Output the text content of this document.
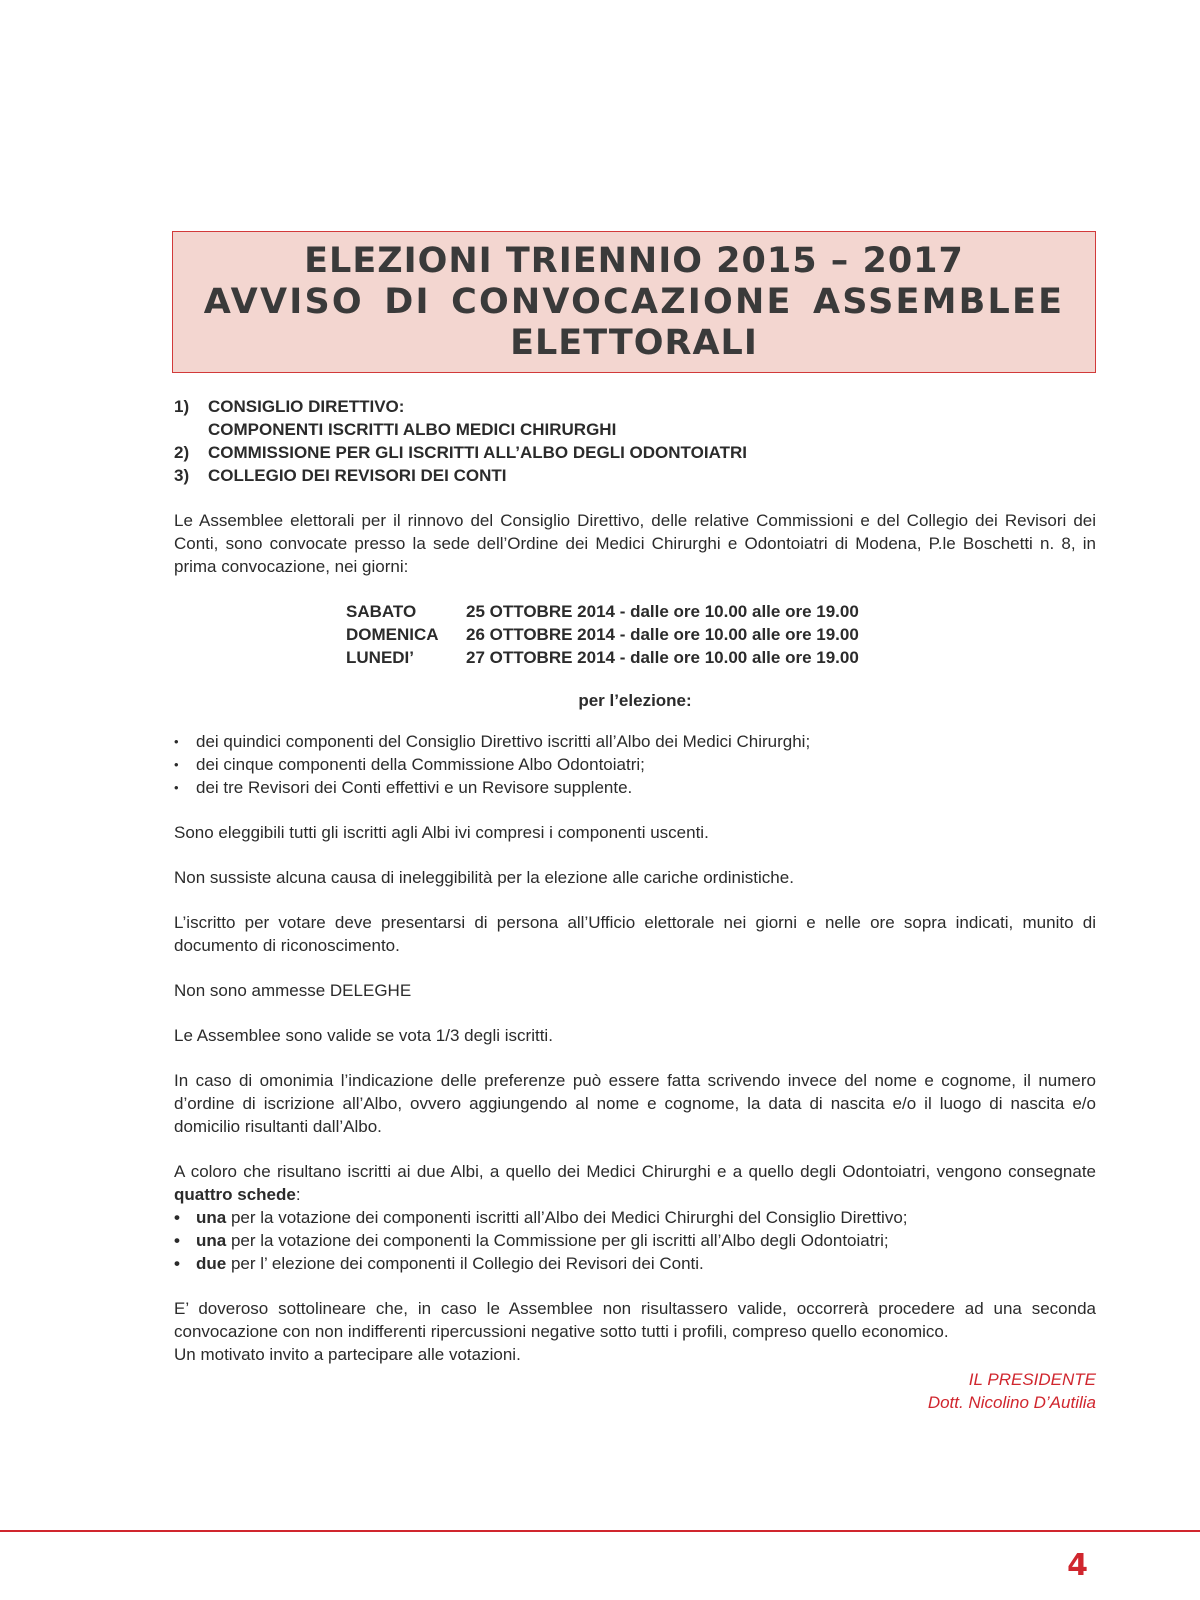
ELEZIONI TRIENNIO 2015 – 2017
AVVISO DI CONVOCAZIONE ASSEMBLEE
ELETTORALI
1)	CONSIGLIO DIRETTIVO:
COMPONENTI ISCRITTI ALBO MEDICI CHIRURGHI
2)	COMMISSIONE PER GLI ISCRITTI ALL’ALBO DEGLI ODONTOIATRI
3)	COLLEGIO DEI REVISORI DEI CONTI

Le Assemblee elettorali per il rinnovo del Consiglio Direttivo, delle relative Commissioni e del Collegio dei Revisori dei Conti, sono convocate presso la sede dell’Ordine dei Medici Chirurghi e Odontoiatri di Modena, P.le Boschetti n. 8, in prima convocazione, nei giorni:

SABATO	25 OTTOBRE 2014 - dalle ore 10.00 alle ore 19.00
DOMENICA	26 OTTOBRE 2014 - dalle ore 10.00 alle ore 19.00
LUNEDI’	27 OTTOBRE 2014 - dalle ore 10.00 alle ore 19.00

per l’elezione:

• dei quindici componenti del Consiglio Direttivo iscritti all’Albo dei Medici Chirurghi;
• dei cinque componenti della Commissione Albo Odontoiatri;
• dei tre Revisori dei Conti effettivi e un Revisore supplente.

Sono eleggibili tutti gli iscritti agli Albi ivi compresi i componenti uscenti.

Non sussiste alcuna causa di ineleggibilità per la elezione alle cariche ordinistiche.

L’iscritto per votare deve presentarsi di persona all’Ufficio elettorale nei giorni e nelle ore sopra indicati, munito di documento di riconoscimento.

Non sono ammesse DELEGHE

Le Assemblee sono valide se vota 1/3 degli iscritti.

In caso di omonimia l’indicazione delle preferenze può essere fatta scrivendo invece del nome e cognome, il numero d’ordine di iscrizione all’Albo, ovvero aggiungendo al nome e cognome, la data di nascita e/o il luogo di nascita e/o domicilio risultanti dall’Albo.

A coloro che risultano iscritti ai due Albi, a quello dei Medici Chirurghi e a quello degli Odontoiatri, vengono consegnate quattro schede:

• una per la votazione dei componenti iscritti all’Albo dei Medici Chirurghi del Consiglio Direttivo;
• una per la votazione dei componenti la Commissione per gli iscritti all’Albo degli Odontoiatri;
• due per l’ elezione dei componenti il Collegio dei Revisori dei Conti.

E’ doveroso sottolineare che, in caso le Assemblee non risultassero valide, occorrerà procedere ad una seconda convocazione con non indifferenti ripercussioni negative sotto tutti i profili, compreso quello economico.

Un motivato invito a partecipare alle votazioni.

IL PRESIDENTE
Dott. Nicolino D’Autilia
4
